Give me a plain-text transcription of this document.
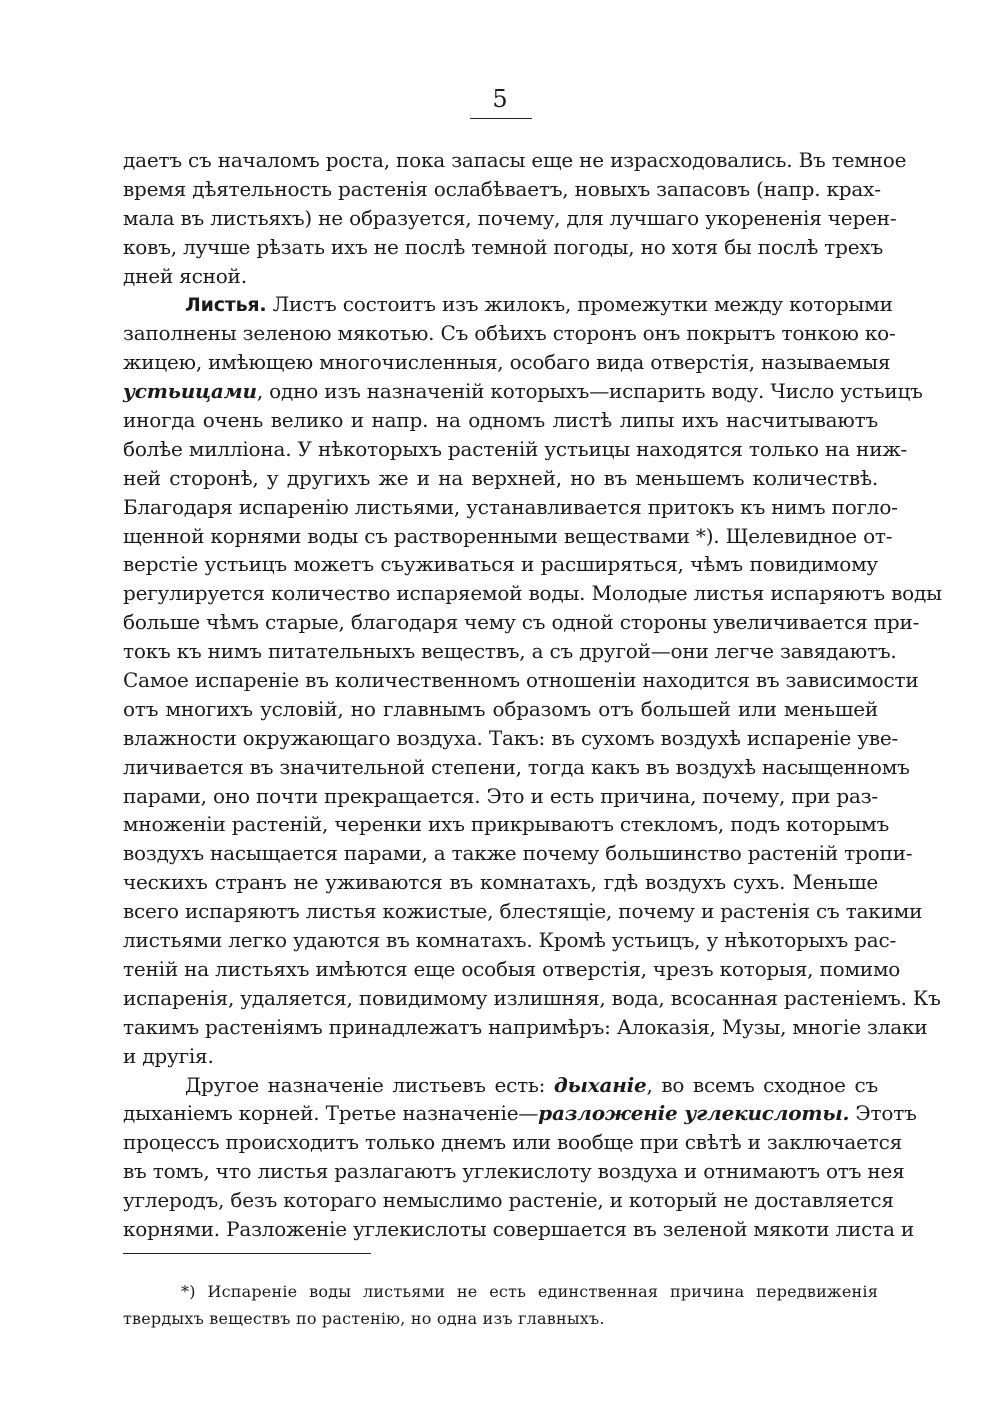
5
даетъ съ началомъ роста, пока запасы еще не израсходовались. Въ темное
время дѣятельность растенія ослабѣваетъ, новыхъ запасовъ (напр. крах-
мала въ листьяхъ) не образуется, почему, для лучшаго укорененія черен-
ковъ, лучше рѣзать ихъ не послѣ темной погоды, но хотя бы послѣ трехъ
дней ясной.
Листья. Листъ состоитъ изъ жилокъ, промежутки между которыми
заполнены зеленою мякотью. Съ обѣихъ сторонъ онъ покрытъ тонкою ко-
жицею, имѣющею многочисленныя, особаго вида отверстія, называемыя
устьицами, одно изъ назначеній которыхъ—испарить воду. Число устьицъ
иногда очень велико и напр. на одномъ листѣ липы ихъ насчитываютъ
болѣе милліона. У нѣкоторыхъ растеній устьицы находятся только на ниж-
ней сторонѣ, у другихъ же и на верхней, но въ меньшемъ количествѣ.
Благодаря испаренію листьями, устанавливается притокъ къ нимъ погло-
щенной корнями воды съ растворенными веществами *). Щелевидное от-
верстіе устьицъ можетъ съуживаться и расширяться, чѣмъ повидимому
регулируется количество испаряемой воды. Молодые листья испаряютъ воды
больше чѣмъ старые, благодаря чему съ одной стороны увеличивается при-
токъ къ нимъ питательныхъ веществъ, а съ другой—они легче завядаютъ.
Самое испареніе въ количественномъ отношеніи находится въ зависимости
отъ многихъ условій, но главнымъ образомъ отъ большей или меньшей
влажности окружающаго воздуха. Такъ: въ сухомъ воздухѣ испареніе уве-
личивается въ значительной степени, тогда какъ въ воздухѣ насыщенномъ
парами, оно почти прекращается. Это и есть причина, почему, при раз-
множеніи растеній, черенки ихъ прикрываютъ стекломъ, подъ которымъ
воздухъ насыщается парами, а также почему большинство растеній тропи-
ческихъ странъ не уживаются въ комнатахъ, гдѣ воздухъ сухъ. Меньше
всего испаряютъ листья кожистые, блестящіе, почему и растенія съ такими
листьями легко удаются въ комнатахъ. Кромѣ устьицъ, у нѣкоторыхъ рас-
теній на листьяхъ имѣются еще особыя отверстія, чрезъ которыя, помимо
испаренія, удаляется, повидимому излишняя, вода, всосанная растеніемъ. Къ
такимъ растеніямъ принадлежатъ напримѣръ: Алоказія, Музы, многіе злаки
и другія.
Другое назначеніе листьевъ есть: дыханіе, во всемъ сходное съ
дыханіемъ корней. Третье назначеніе—разложеніе углекислоты. Этотъ
процессъ происходитъ только днемъ или вообще при свѣтѣ и заключается
въ томъ, что листья разлагаютъ углекислоту воздуха и отнимаютъ отъ нея
углеродъ, безъ котораго немыслимо растеніе, и который не доставляется
корнями. Разложеніе углекислоты совершается въ зеленой мякоти листа и
*) Испареніе воды листьями не есть единственная причина передвиженія
твердыхъ веществъ по растенію, но одна изъ главныхъ.
